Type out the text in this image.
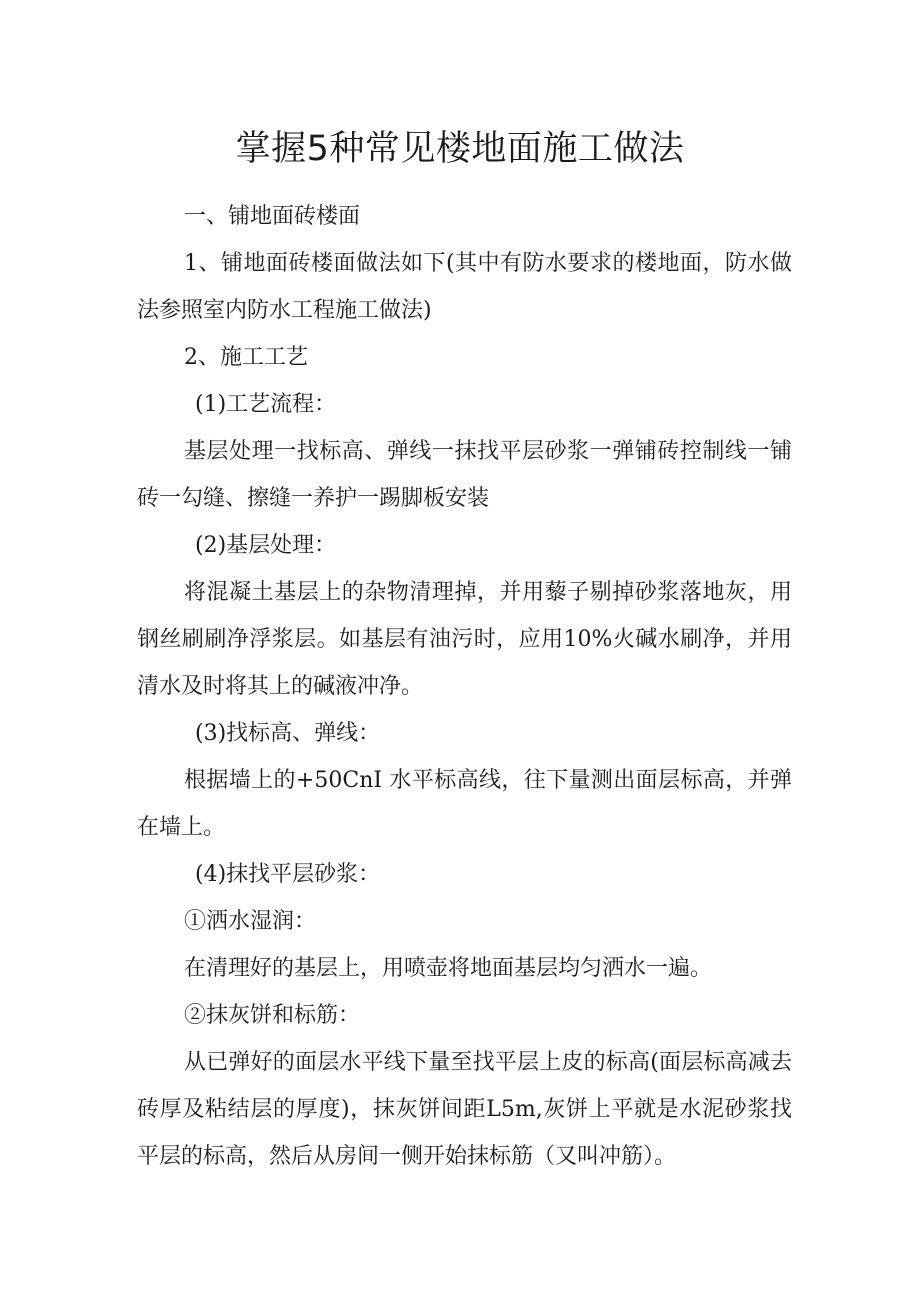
掌握5种常见楼地面施工做法

一、铺地面砖楼面

1、铺地面砖楼面做法如下(其中有防水要求的楼地面，防水做法参照室内防水工程施工做法)

2、施工工艺

(1)工艺流程：

基层处理一找标高、弹线一抹找平层砂浆一弹铺砖控制线一铺砖一勾缝、擦缝一养护一踢脚板安装

(2)基层处理：

将混凝土基层上的杂物清理掉，并用藜子剔掉砂浆落地灰，用钢丝刷刷净浮浆层。如基层有油污时，应用10%火碱水刷净，并用清水及时将其上的碱液冲净。

(3)找标高、弹线：

根据墙上的+50CnI 水平标高线，往下量测出面层标高，并弹在墙上。

(4)抹找平层砂浆：

①洒水湿润：

在清理好的基层上，用喷壶将地面基层均匀洒水一遍。

②抹灰饼和标筋：

从已弹好的面层水平线下量至找平层上皮的标高(面层标高减去砖厚及粘结层的厚度)，抹灰饼间距L5m,灰饼上平就是水泥砂浆找平层的标高，然后从房间一侧开始抹标筋（又叫冲筋）。
